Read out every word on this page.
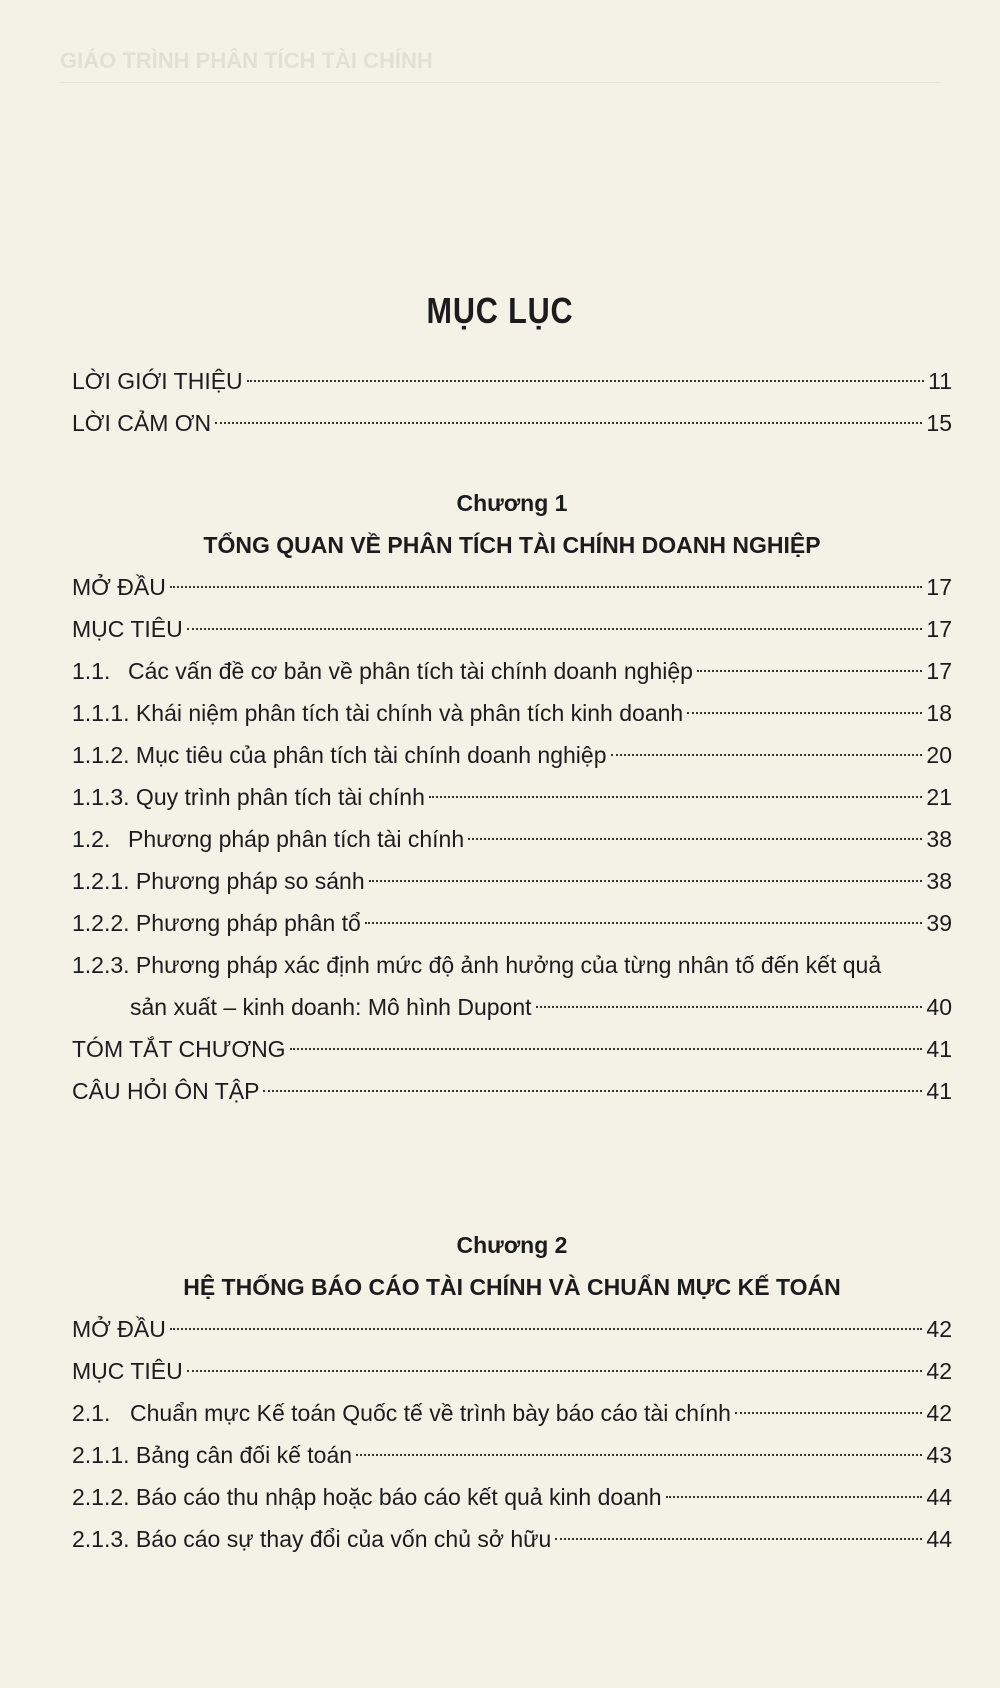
GIÁO TRÌNH PHÂN TÍCH TÀI CHÍNH
MỤC LỤC
LỜI GIỚI THIỆU	11
LỜI CẢM ƠN	15
Chương 1
TỔNG QUAN VỀ PHÂN TÍCH TÀI CHÍNH DOANH NGHIỆP
MỞ ĐẦU	17
MỤC TIÊU	17
1.1. Các vấn đề cơ bản về phân tích tài chính doanh nghiệp	17
1.1.1. Khái niệm phân tích tài chính và phân tích kinh doanh	18
1.1.2. Mục tiêu của phân tích tài chính doanh nghiệp	20
1.1.3. Quy trình phân tích tài chính	21
1.2. Phương pháp phân tích tài chính	38
1.2.1. Phương pháp so sánh	38
1.2.2. Phương pháp phân tổ	39
1.2.3. Phương pháp xác định mức độ ảnh hưởng của từng nhân tố đến kết quả
sản xuất – kinh doanh: Mô hình Dupont	40
TÓM TẮT CHƯƠNG	41
CÂU HỎI ÔN TẬP	41
Chương 2
HỆ THỐNG BÁO CÁO TÀI CHÍNH VÀ CHUẨN MỰC KẾ TOÁN
MỞ ĐẦU	42
MỤC TIÊU	42
2.1. Chuẩn mực Kế toán Quốc tế về trình bày báo cáo tài chính	42
2.1.1. Bảng cân đối kế toán	43
2.1.2. Báo cáo thu nhập hoặc báo cáo kết quả kinh doanh	44
2.1.3. Báo cáo sự thay đổi của vốn chủ sở hữu	44
